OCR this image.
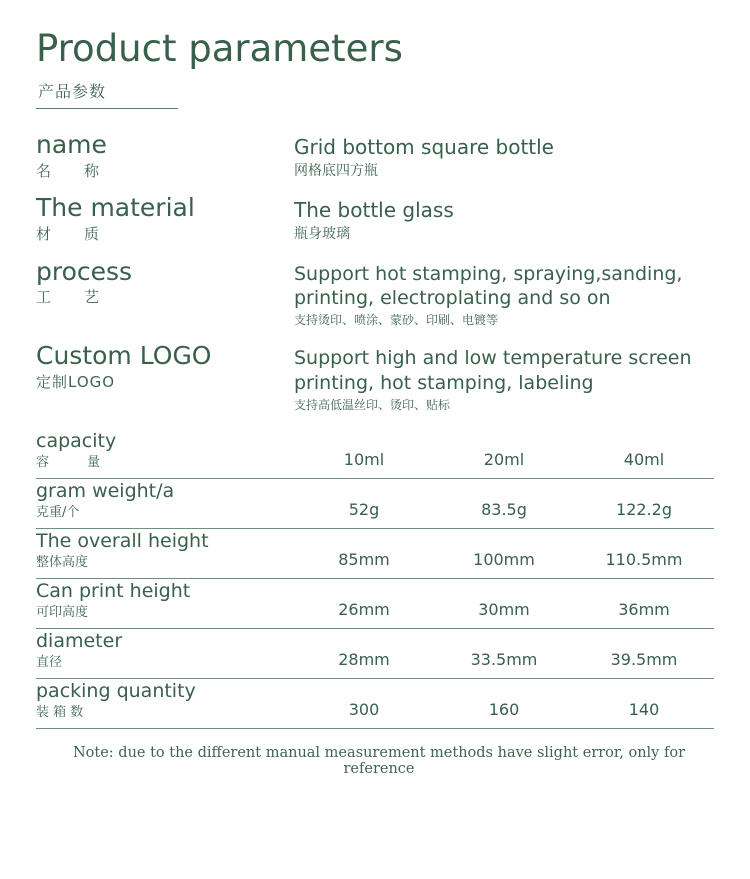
Product parameters
产品参数
name
名　　称
Grid bottom square bottle
网格底四方瓶
The material
材　　质
The bottle glass
瓶身玻璃
process
工　　艺
Support hot stamping, spraying,sanding, printing, electroplating and so on
支持烫印、喷涂、蒙砂、印刷、电镀等
Custom LOGO
定制LOGO
Support high and low temperature screen printing, hot stamping, labeling
支持高低温丝印、烫印、贴标
capacity
容　　量	10ml	20ml	40ml
gram weight/a
克重/个	52g	83.5g	122.2g
The overall height
整体高度	85mm	100mm	110.5mm
Can print height
可印高度	26mm	30mm	36mm
diameter
直径	28mm	33.5mm	39.5mm
packing quantity
装 箱 数	300	160	140
Note: due to the different manual measurement methods have slight error, only for reference
